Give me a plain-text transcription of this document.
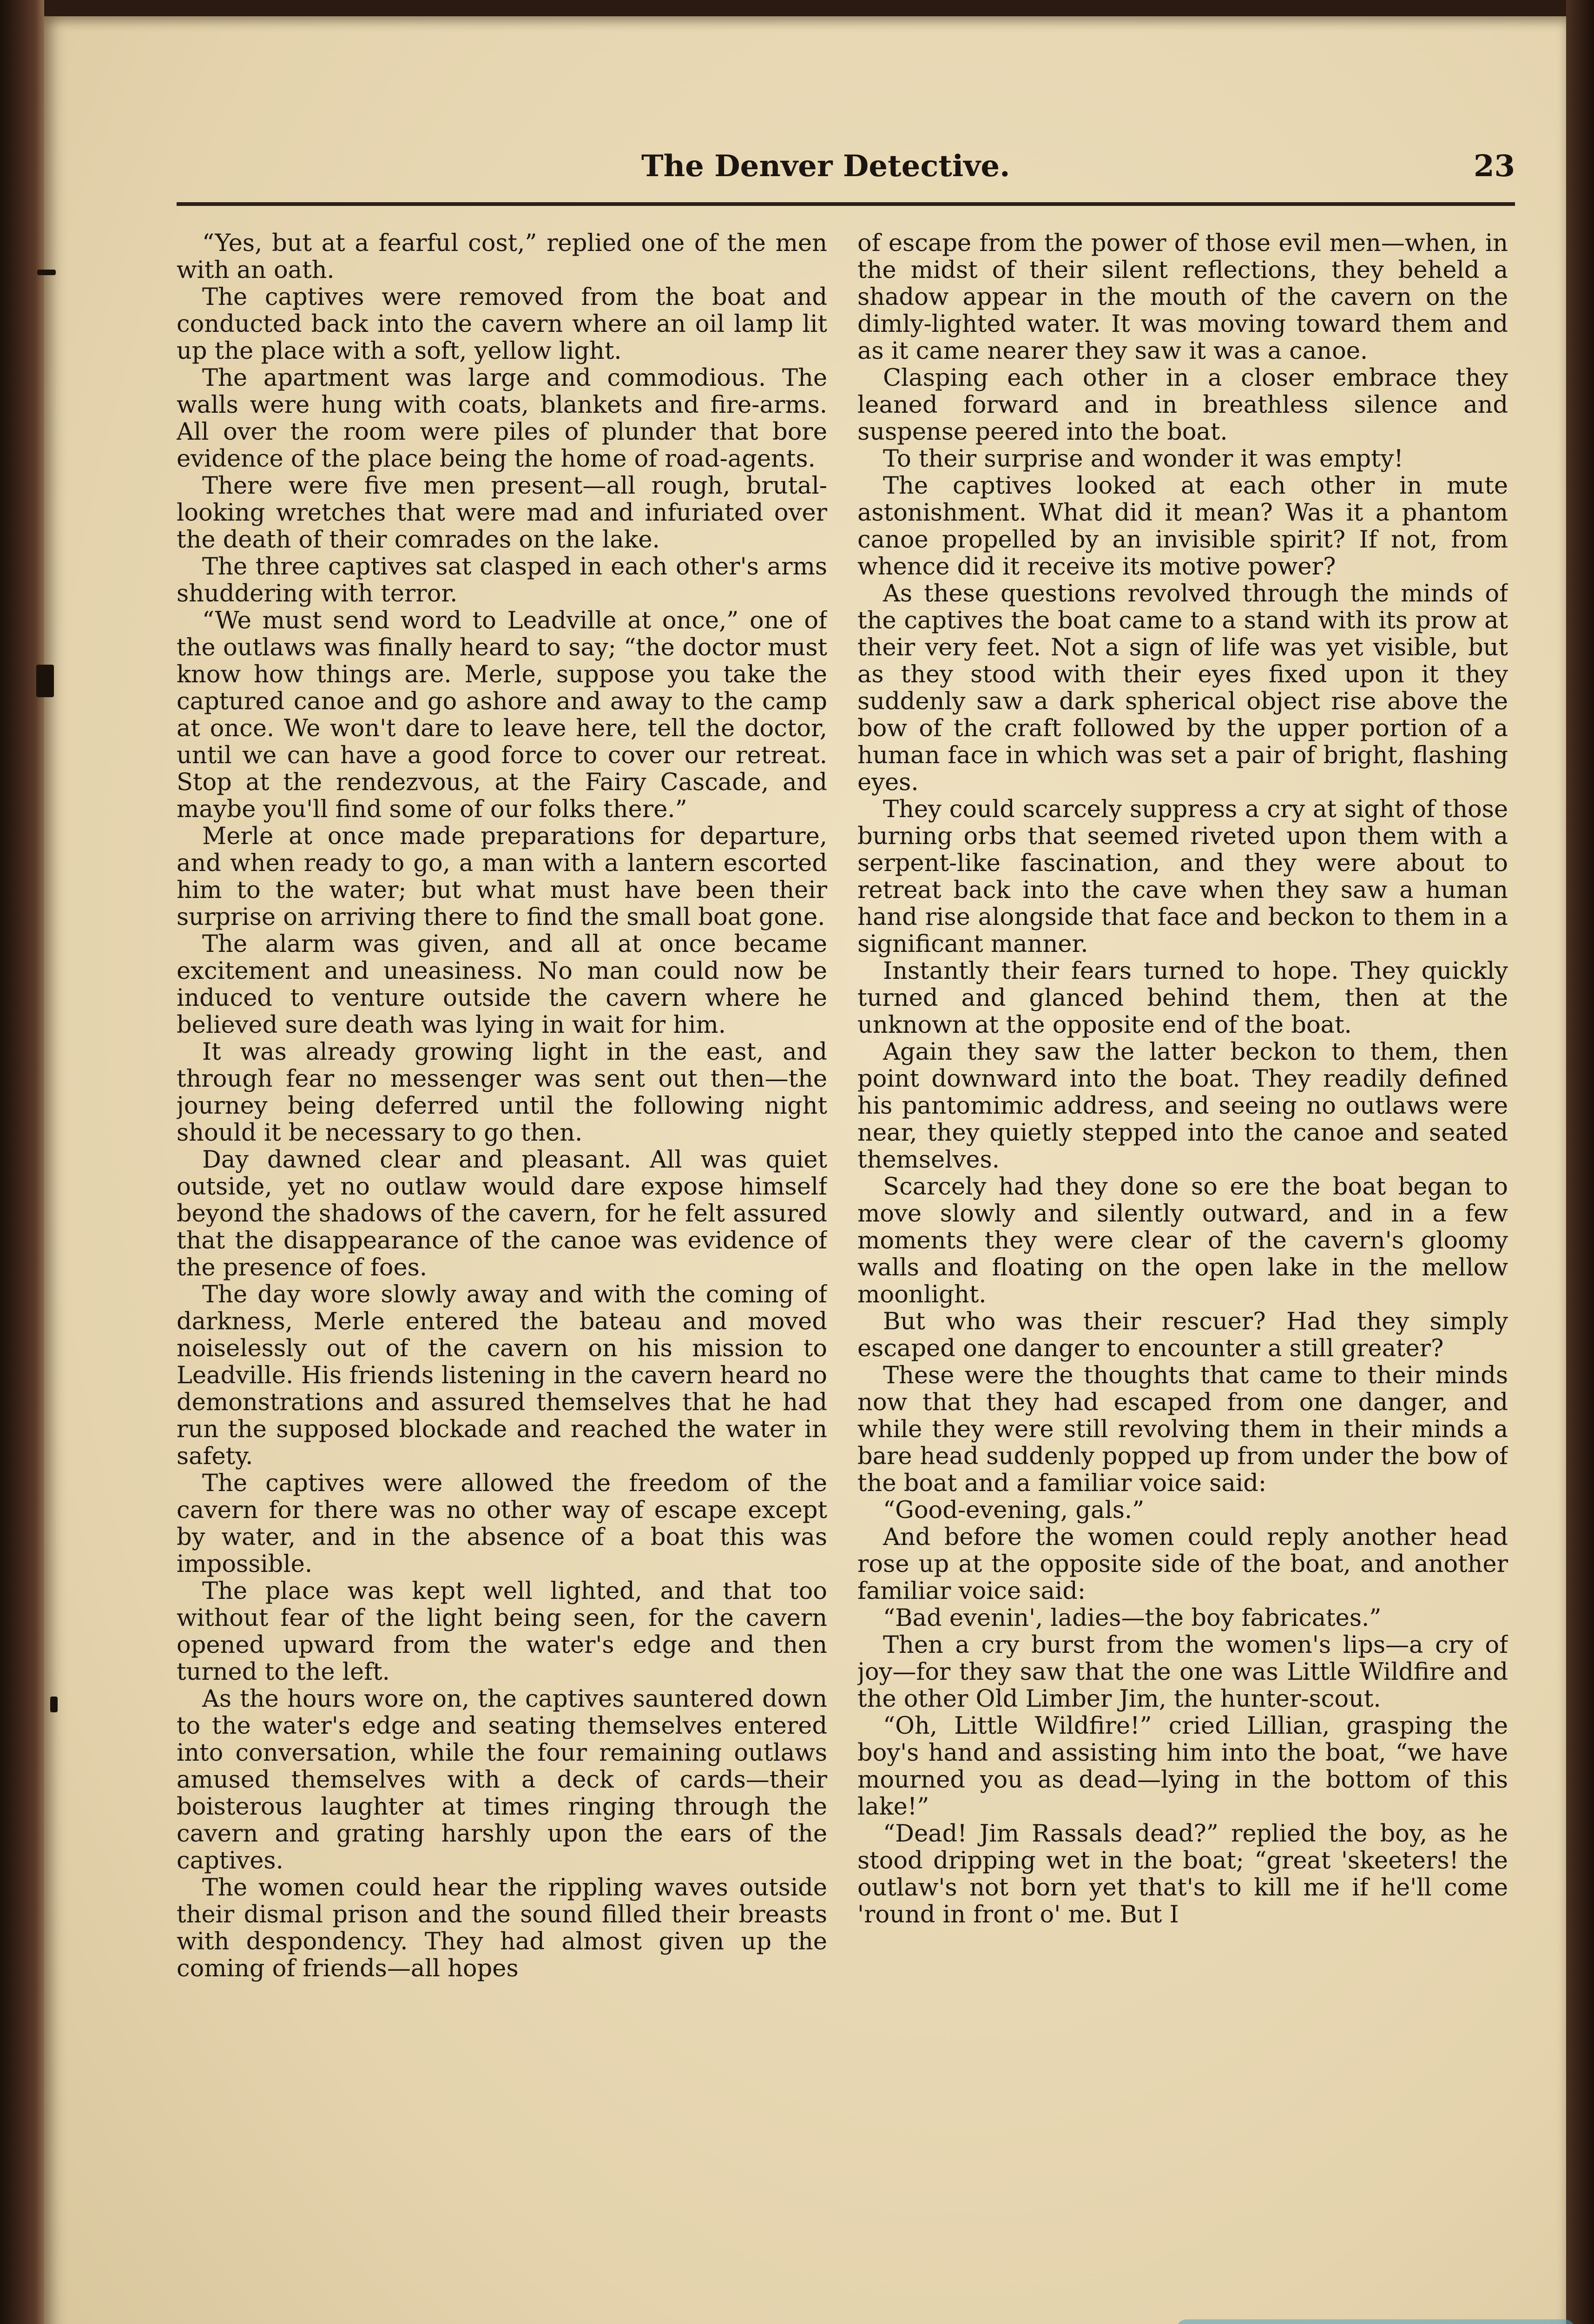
The Denver Detective.	23

“Yes, but at a fearful cost,” replied one of the men with an oath.

The captives were removed from the boat and conducted back into the cavern where an oil lamp lit up the place with a soft, yellow light.

The apartment was large and commodious. The walls were hung with coats, blankets and fire-arms. All over the room were piles of plunder that bore evidence of the place being the home of road-agents.

There were five men present—all rough, brutal-looking wretches that were mad and infuriated over the death of their comrades on the lake.

The three captives sat clasped in each other's arms shuddering with terror.

“We must send word to Leadville at once,” one of the outlaws was finally heard to say; “the doctor must know how things are. Merle, suppose you take the captured canoe and go ashore and away to the camp at once. We won't dare to leave here, tell the doctor, until we can have a good force to cover our retreat. Stop at the rendezvous, at the Fairy Cascade, and maybe you'll find some of our folks there.”

Merle at once made preparations for departure, and when ready to go, a man with a lantern escorted him to the water; but what must have been their surprise on arriving there to find the small boat gone.

The alarm was given, and all at once became excitement and uneasiness. No man could now be induced to venture outside the cavern where he believed sure death was lying in wait for him.

It was already growing light in the east, and through fear no messenger was sent out then—the journey being deferred until the following night should it be necessary to go then.

Day dawned clear and pleasant. All was quiet outside, yet no outlaw would dare expose himself beyond the shadows of the cavern, for he felt assured that the disappearance of the canoe was evidence of the presence of foes.

The day wore slowly away and with the coming of darkness, Merle entered the bateau and moved noiselessly out of the cavern on his mission to Leadville. His friends listening in the cavern heard no demonstrations and assured themselves that he had run the supposed blockade and reached the water in safety.

The captives were allowed the freedom of the cavern for there was no other way of escape except by water, and in the absence of a boat this was impossible.

The place was kept well lighted, and that too without fear of the light being seen, for the cavern opened upward from the water's edge and then turned to the left.

As the hours wore on, the captives sauntered down to the water's edge and seating themselves entered into conversation, while the four remaining outlaws amused themselves with a deck of cards—their boisterous laughter at times ringing through the cavern and grating harshly upon the ears of the captives.

The women could hear the rippling waves outside their dismal prison and the sound filled their breasts with despondency. They had almost given up the coming of friends—all hopes

of escape from the power of those evil men—when, in the midst of their silent reflections, they beheld a shadow appear in the mouth of the cavern on the dimly-lighted water. It was moving toward them and as it came nearer they saw it was a canoe.

Clasping each other in a closer embrace they leaned forward and in breathless silence and suspense peered into the boat.

To their surprise and wonder it was empty!

The captives looked at each other in mute astonishment. What did it mean? Was it a phantom canoe propelled by an invisible spirit? If not, from whence did it receive its motive power?

As these questions revolved through the minds of the captives the boat came to a stand with its prow at their very feet. Not a sign of life was yet visible, but as they stood with their eyes fixed upon it they suddenly saw a dark spherical object rise above the bow of the craft followed by the upper portion of a human face in which was set a pair of bright, flashing eyes.

They could scarcely suppress a cry at sight of those burning orbs that seemed riveted upon them with a serpent-like fascination, and they were about to retreat back into the cave when they saw a human hand rise alongside that face and beckon to them in a significant manner.

Instantly their fears turned to hope. They quickly turned and glanced behind them, then at the unknown at the opposite end of the boat.

Again they saw the latter beckon to them, then point downward into the boat. They readily defined his pantomimic address, and seeing no outlaws were near, they quietly stepped into the canoe and seated themselves.

Scarcely had they done so ere the boat began to move slowly and silently outward, and in a few moments they were clear of the cavern's gloomy walls and floating on the open lake in the mellow moonlight.

But who was their rescuer? Had they simply escaped one danger to encounter a still greater?

These were the thoughts that came to their minds now that they had escaped from one danger, and while they were still revolving them in their minds a bare head suddenly popped up from under the bow of the boat and a familiar voice said:

“Good-evening, gals.”

And before the women could reply another head rose up at the opposite side of the boat, and another familiar voice said:

“Bad evenin', ladies—the boy fabricates.”

Then a cry burst from the women's lips—a cry of joy—for they saw that the one was Little Wildfire and the other Old Limber Jim, the hunter-scout.

“Oh, Little Wildfire!” cried Lillian, grasping the boy's hand and assisting him into the boat, “we have mourned you as dead—lying in the bottom of this lake!”

“Dead! Jim Rassals dead?” replied the boy, as he stood dripping wet in the boat; “great 'skeeters! the outlaw's not born yet that's to kill me if he'll come 'round in front o' me. But I
